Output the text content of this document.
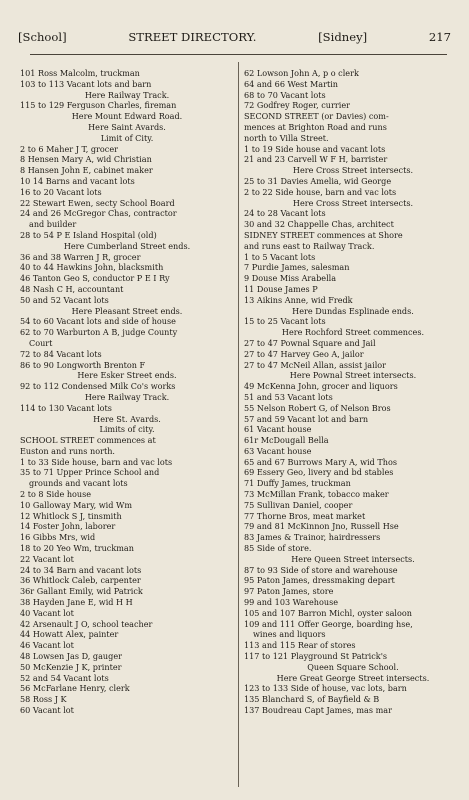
[School]	STREET DIRECTORY.	[Sidney]	217
101 Ross Malcolm, truckman
103 to 113 Vacant lots and barn
Here Railway Track.
115 to 129 Ferguson Charles, fireman
Here Mount Edward Road.
Here Saint Avards.
Limit of City.
2 to 6 Maher J T, grocer
8 Hensen Mary A, wid Christian
8 Hansen John E, cabinet maker
10 14 Barns and vacant lots
16 to 20 Vacant lots
22 Stewart Ewen, secty School Board
24 and 26 McGregor Chas, contractor
and builder
28 to 54 P E Island Hospital (old)
Here Cumberland Street ends.
36 and 38 Warren J R, grocer
40 to 44 Hawkins John, blacksmith
46 Tanton Geo S, conductor P E I Ry
48 Nash C H, accountant
50 and 52 Vacant lots
Here Pleasant Street ends.
54 to 60 Vacant lots and side of house
62 to 70 Warburton A B, judge County
Court
72 to 84 Vacant lots
86 to 90 Longworth Brenton F
Here Esker Street ends.
92 to 112 Condensed Milk Co's works
Here Railway Track.
114 to 130 Vacant lots
Here St. Avards.
Limits of city.
SCHOOL STREET commences at
Euston and runs north.
1 to 33 Side house, barn and vac lots
35 to 71 Upper Prince School and
grounds and vacant lots
2 to 8 Side house
10 Galloway Mary, wid Wm
12 Whitlock S J, tinsmith
14 Foster John, laborer
16 Gibbs Mrs, wid
18 to 20 Yeo Wm, truckman
22 Vacant lot
24 to 34 Barn and vacant lots
36 Whitlock Caleb, carpenter
36r Gallant Emily, wid Patrick
38 Hayden Jane E, wid H H
40 Vacant lot
42 Arsenault J O, school teacher
44 Howatt Alex, painter
46 Vacant lot
48 Lowsen Jas D, gauger
50 McKenzie J K, printer
52 and 54 Vacant lots
56 McFarlane Henry, clerk
58 Ross J K
60 Vacant lot
62 Lowson John A, p o clerk
64 and 66 West Martin
68 to 70 Vacant lots
72 Godfrey Roger, currier
SECOND STREET (or Davies) com-
mences at Brighton Road and runs
north to Villa Street.
1 to 19 Side house and vacant lots
21 and 23 Carvell W F H, barrister
Here Cross Street intersects.
25 to 31 Davies Amelia, wid George
2 to 22 Side house, barn and vac lots
Here Cross Street intersects.
24 to 28 Vacant lots
30 and 32 Chappelle Chas, architect
SIDNEY STREET commences at Shore
and runs east to Railway Track.
1 to 5 Vacant lots
7 Purdie James, salesman
9 Douse Miss Arabella
11 Douse James P
13 Aikins Anne, wid Fredk
Here Dundas Esplinade ends.
15 to 25 Vacant lots
Here Rochford Street commences.
27 to 47 Pownal Square and Jail
27 to 47 Harvey Geo A, jailor
27 to 47 McNeil Allan, assist jailor
Here Pownal Street intersects.
49 McKenna John, grocer and liquors
51 and 53 Vacant lots
55 Nelson Robert G, of Nelson Bros
57 and 59 Vacant lot and barn
61 Vacant house
61r McDougall Bella
63 Vacant house
65 and 67 Burrows Mary A, wid Thos
69 Essery Geo, livery and bd stables
71 Duffy James, truckman
73 McMillan Frank, tobacco maker
75 Sullivan Daniel, cooper
77 Thorne Bros, meat market
79 and 81 McKinnon Jno, Russell Hse
83 James & Trainor, hairdressers
85 Side of store.
Here Queen Street intersects.
87 to 93 Side of store and warehouse
95 Paton James, dressmaking depart
97 Paton James, store
99 and 103 Warehouse
105 and 107 Barron Michl, oyster saloon
109 and 111 Offer George, boarding hse,
wines and liquors
113 and 115 Rear of stores
117 to 121 Playground St Patrick's
Queen Square School.
Here Great George Street intersects.
123 to 133 Side of house, vac lots, barn
135 Blanchard S, of Bayfield & B
137 Boudreau Capt James, mas mar
